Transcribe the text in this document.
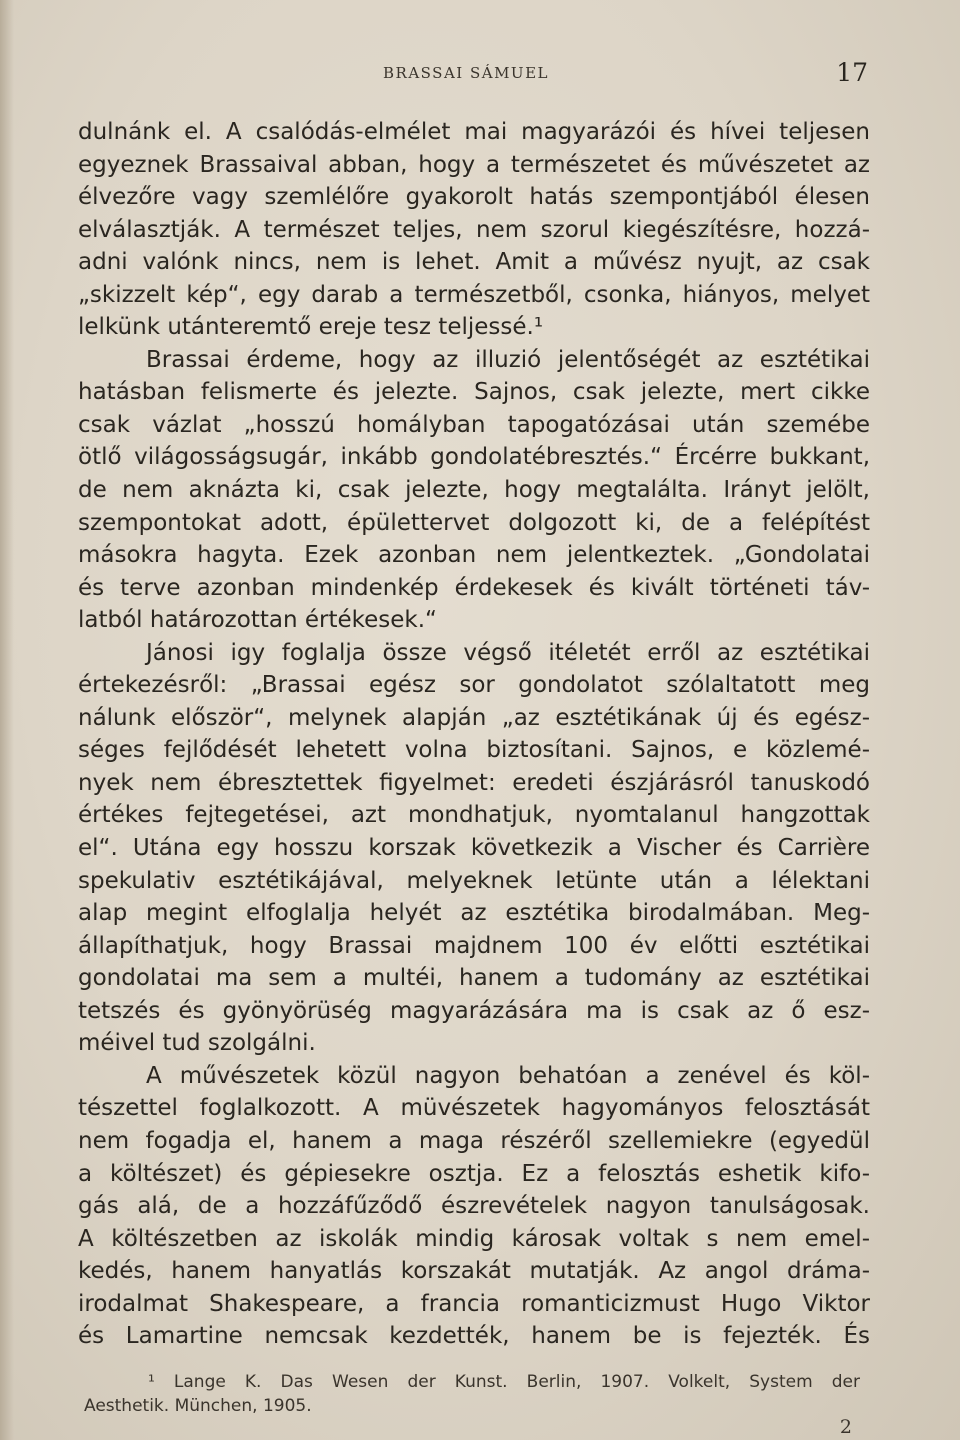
BRASSAI SÁMUEL	17
dulnánk el. A csalódás-elmélet mai magyarázói és hívei teljesen
egyeznek Brassaival abban, hogy a természetet és művészetet az
élvezőre vagy szemlélőre gyakorolt hatás szempontjából élesen
elválasztják. A természet teljes, nem szorul kiegészítésre, hozzá-
adni valónk nincs, nem is lehet. Amit a művész nyujt, az csak
„skizzelt kép“, egy darab a természetből, csonka, hiányos, melyet
lelkünk utánteremtő ereje tesz teljessé.¹
Brassai érdeme, hogy az illuzió jelentőségét az esztétikai
hatásban felismerte és jelezte. Sajnos, csak jelezte, mert cikke
csak vázlat „hosszú homályban tapogatózásai után szemébe
ötlő világosságsugár, inkább gondolatébresztés.“ Ércérre bukkant,
de nem aknázta ki, csak jelezte, hogy megtalálta. Irányt jelölt,
szempontokat adott, épülettervet dolgozott ki, de a felépítést
másokra hagyta. Ezek azonban nem jelentkeztek. „Gondolatai
és terve azonban mindenkép érdekesek és kivált történeti táv-
latból határozottan értékesek.“
Jánosi igy foglalja össze végső itéletét erről az esztétikai
értekezésről: „Brassai egész sor gondolatot szólaltatott meg
nálunk először“, melynek alapján „az esztétikának új és egész-
séges fejlődését lehetett volna biztosítani. Sajnos, e közlemé-
nyek nem ébresztettek figyelmet: eredeti észjárásról tanuskodó
értékes fejtegetései, azt mondhatjuk, nyomtalanul hangzottak
el“. Utána egy hosszu korszak következik a Vischer és Carrière
spekulativ esztétikájával, melyeknek letünte után a lélektani
alap megint elfoglalja helyét az esztétika birodalmában. Meg-
állapíthatjuk, hogy Brassai majdnem 100 év előtti esztétikai
gondolatai ma sem a multéi, hanem a tudomány az esztétikai
tetszés és gyönyörüség magyarázására ma is csak az ő esz-
méivel tud szolgálni.
A művészetek közül nagyon behatóan a zenével és köl-
tészettel foglalkozott. A müvészetek hagyományos felosztását
nem fogadja el, hanem a maga részéről szellemiekre (egyedül
a költészet) és gépiesekre osztja. Ez a felosztás eshetik kifo-
gás alá, de a hozzáfűződő észrevételek nagyon tanulságosak.
A költészetben az iskolák mindig károsak voltak s nem emel-
kedés, hanem hanyatlás korszakát mutatják. Az angol dráma-
irodalmat Shakespeare, a francia romanticizmust Hugo Viktor
és Lamartine nemcsak kezdették, hanem be is fejezték. És
¹ Lange K. Das Wesen der Kunst. Berlin, 1907. Volkelt, System der
Aesthetik. München, 1905.
2
